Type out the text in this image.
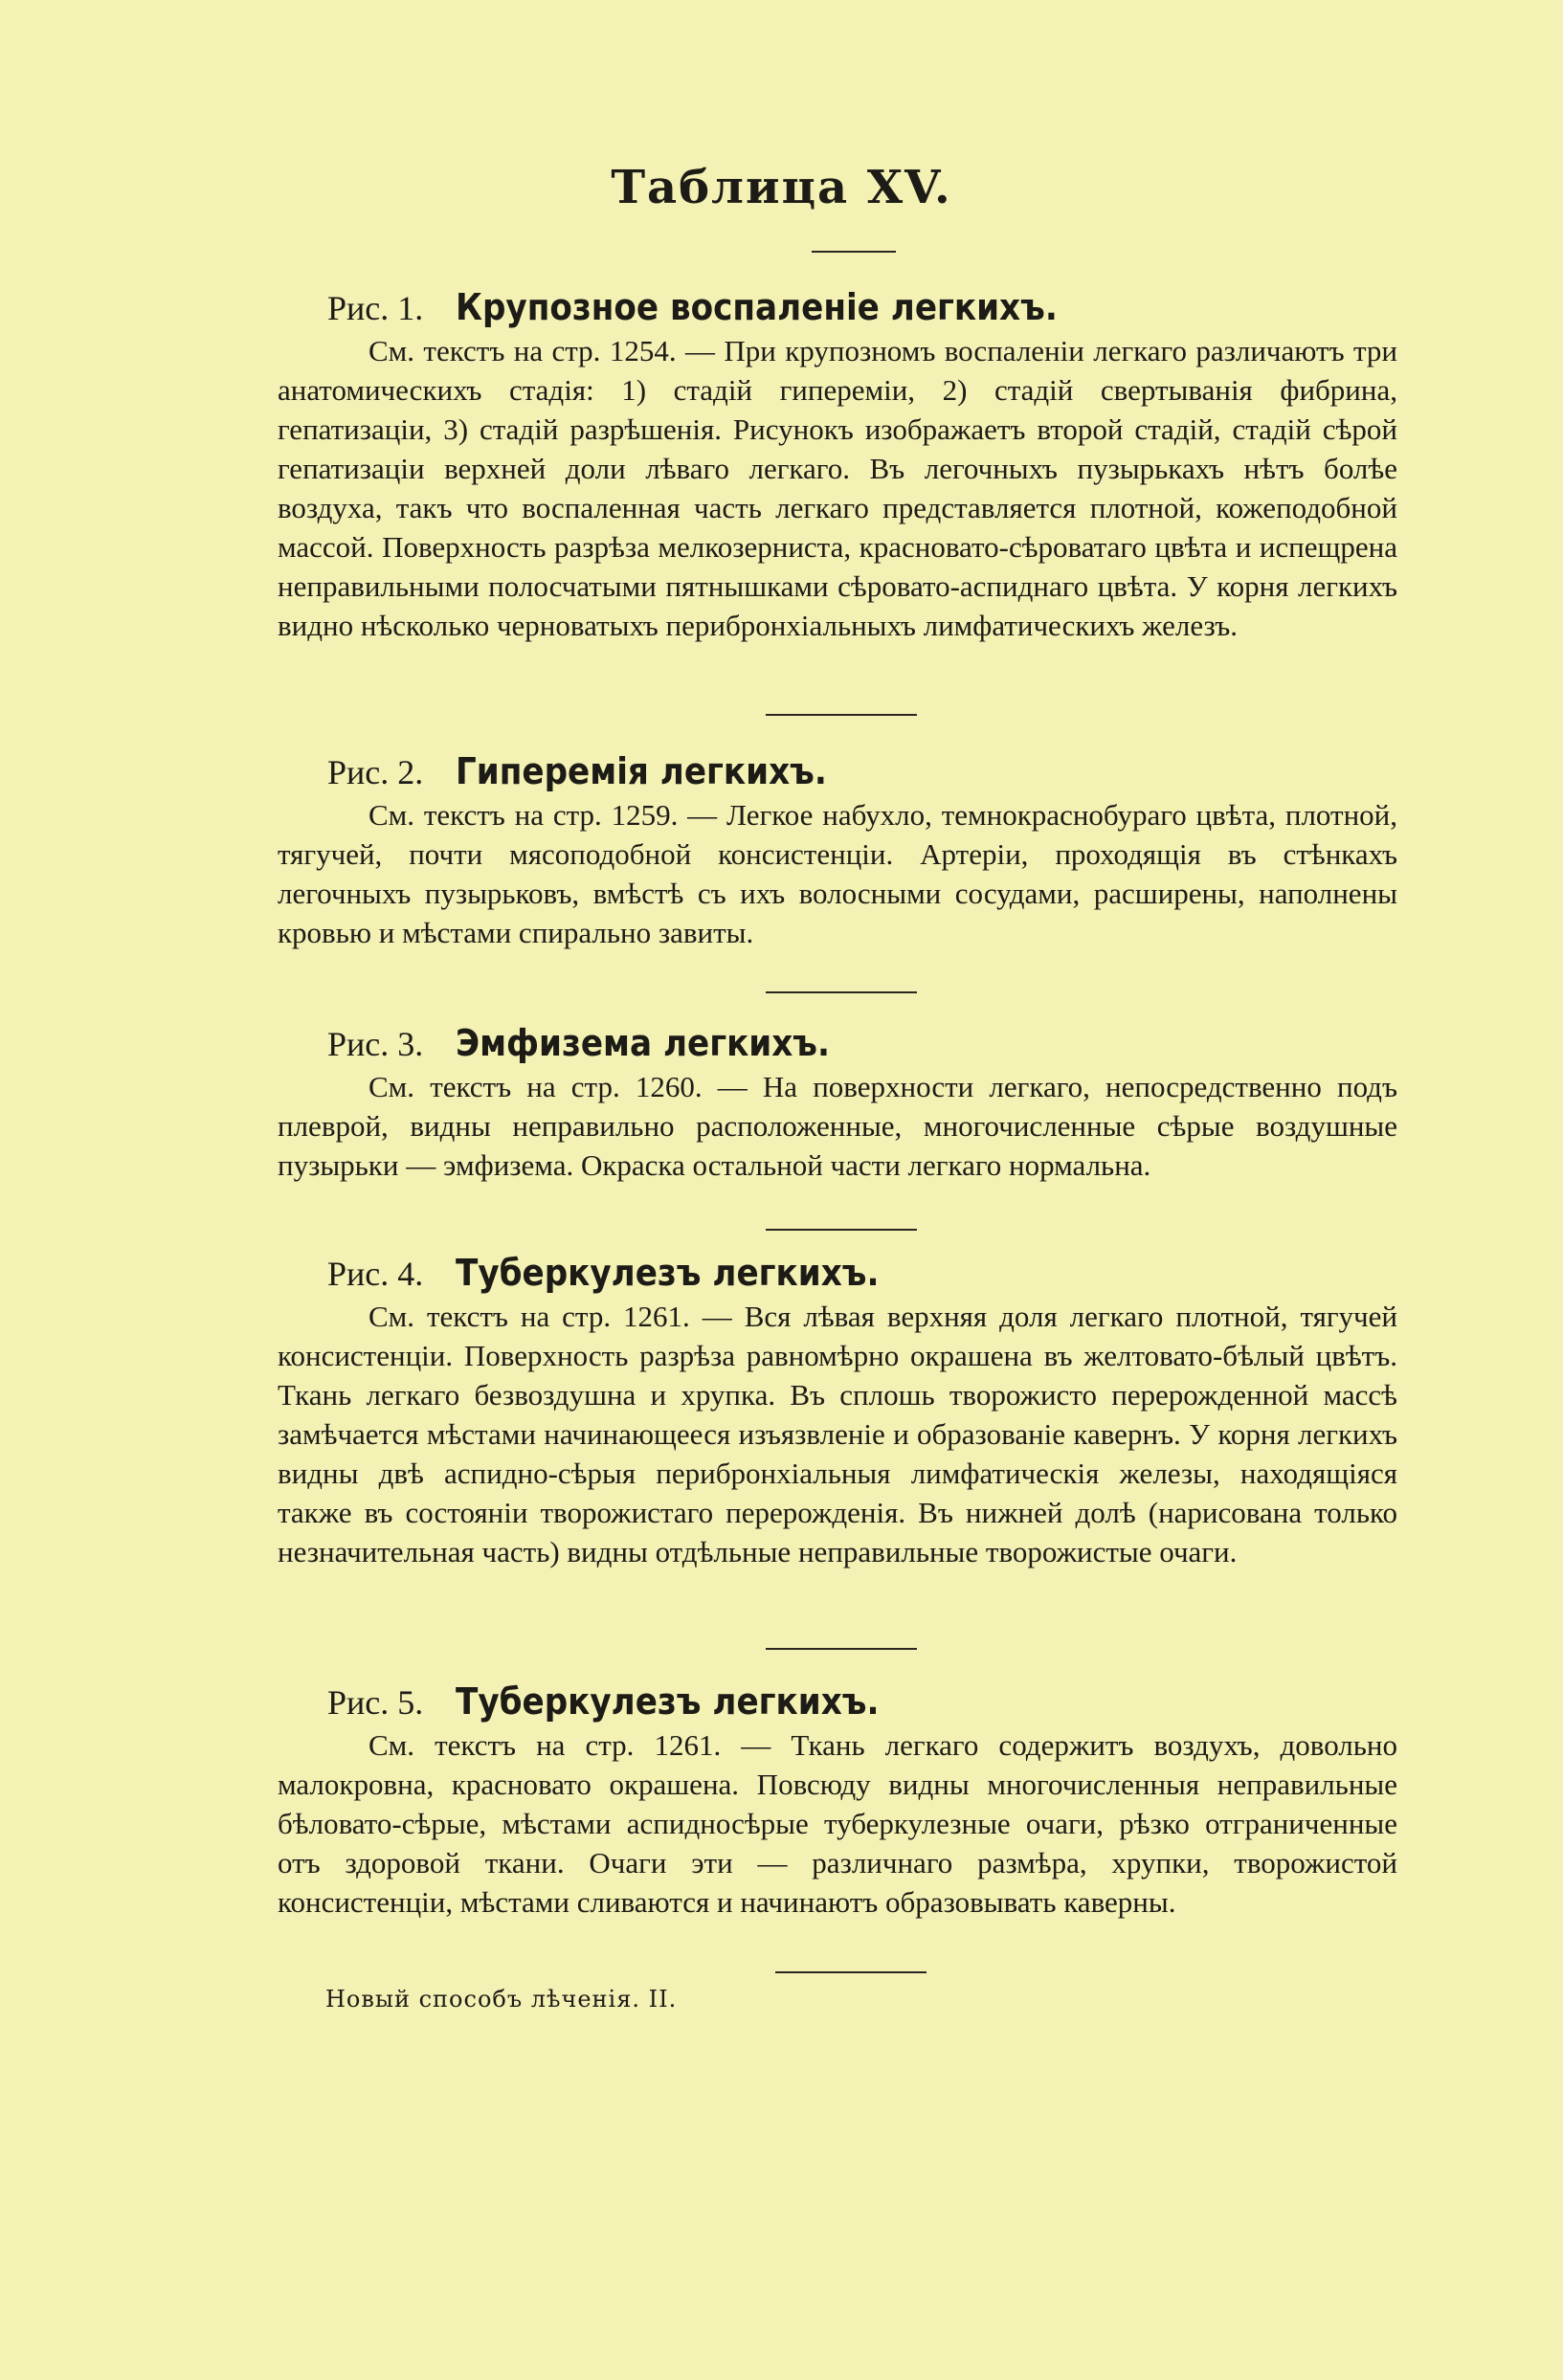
Таблица XV.
Рис. 1. Крупозное воспаленіе легкихъ.

См. текстъ на стр. 1254. — При крупозномъ воспаленіи легкаго различаютъ три анатомическихъ стадія: 1) стадій гипереміи, 2) стадій свертыванія фибрина, гепатизаціи, 3) стадій разрѣшенія. Рисунокъ изображаетъ второй стадій, стадій сѣрой гепатизаціи верхней доли лѣваго легкаго. Въ легочныхъ пузырькахъ нѣтъ болѣе воздуха, такъ что воспаленная часть легкаго представляется плотной, кожеподобной массой. Поверхность разрѣза мелкозерниста, красновато-сѣроватаго цвѣта и испещрена неправильными полосчатыми пятнышками сѣровато-аспиднаго цвѣта. У корня легкихъ видно нѣсколько черноватыхъ перибронхіальныхъ лимфатическихъ железъ.

Рис. 2. Гиперемія легкихъ.

См. текстъ на стр. 1259. — Легкое набухло, темнокраснобураго цвѣта, плотной, тягучей, почти мясоподобной консистенціи. Артеріи, проходящія въ стѣнкахъ легочныхъ пузырьковъ, вмѣстѣ съ ихъ волосными сосудами, расширены, наполнены кровью и мѣстами спирально завиты.

Рис. 3. Эмфизема легкихъ.

См. текстъ на стр. 1260. — На поверхности легкаго, непосредственно подъ плеврой, видны неправильно расположенные, многочисленные сѣрые воздушные пузырьки — эмфизема. Окраска остальной части легкаго нормальна.

Рис. 4. Туберкулезъ легкихъ.

См. текстъ на стр. 1261. — Вся лѣвая верхняя доля легкаго плотной, тягучей консистенціи. Поверхность разрѣза равномѣрно окрашена въ желтовато-бѣлый цвѣтъ. Ткань легкаго безвоздушна и хрупка. Въ сплошь творожисто перерожденной массѣ замѣчается мѣстами начинающееся изъязвленіе и образованіе кавернъ. У корня легкихъ видны двѣ аспидно-сѣрыя перибронхіальныя лимфатическія железы, находящіяся также въ состояніи творожистаго перерожденія. Въ нижней долѣ (нарисована только незначительная часть) видны отдѣльные неправильные творожистые очаги.

Рис. 5. Туберкулезъ легкихъ.

См. текстъ на стр. 1261. — Ткань легкаго содержитъ воздухъ, довольно малокровна, красновато окрашена. Повсюду видны многочисленныя неправильные бѣловато-сѣрые, мѣстами аспидносѣрые туберкулезные очаги, рѣзко отграниченные отъ здоровой ткани. Очаги эти — различнаго размѣра, хрупки, творожистой консистенціи, мѣстами сливаются и начинаютъ образовывать каверны.

Новый способъ лѣченія. II.
